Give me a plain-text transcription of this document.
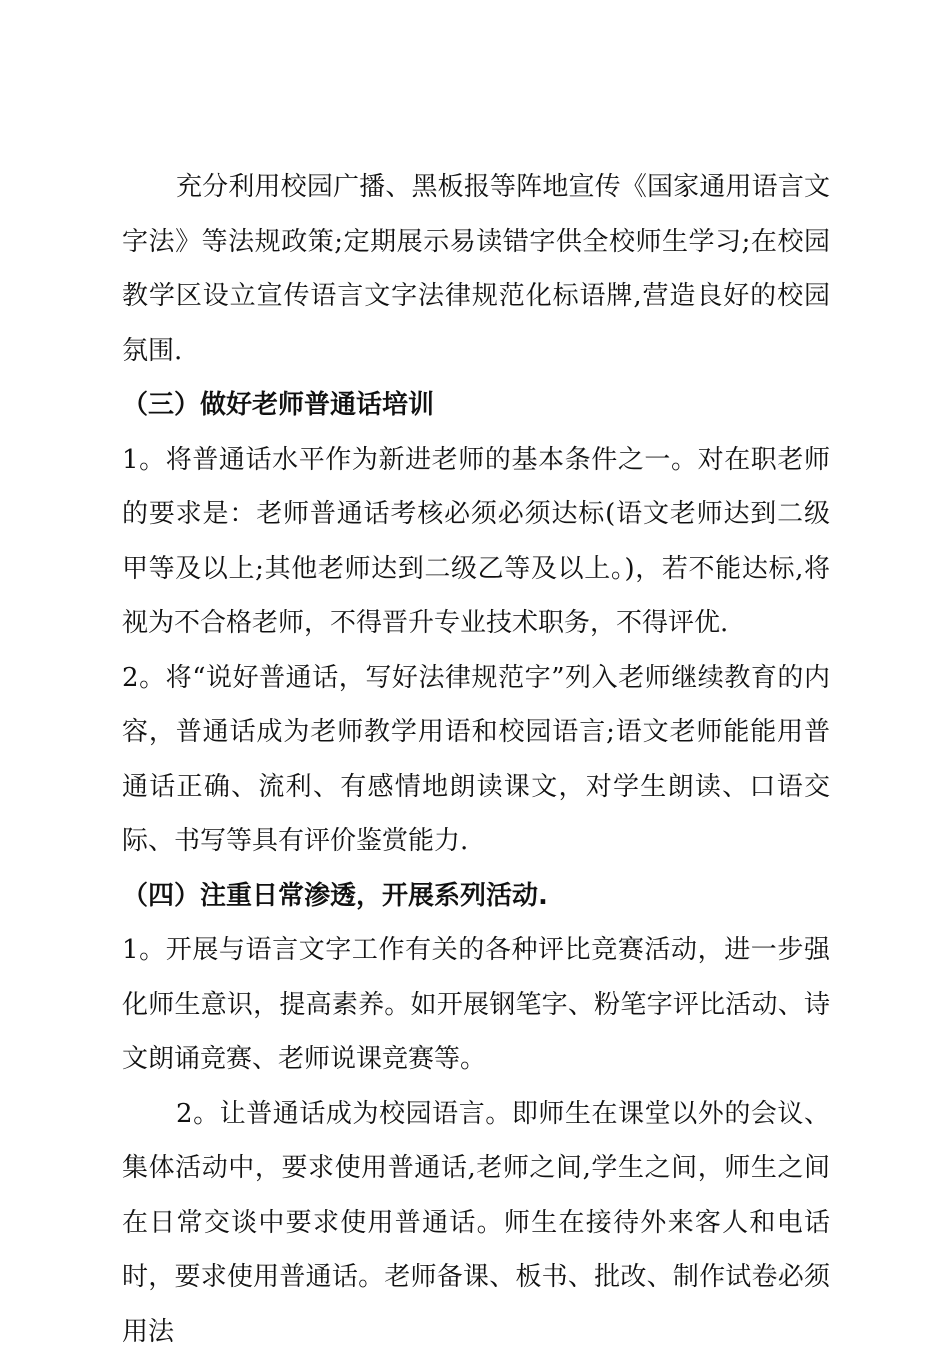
充分利用校园广播、黑板报等阵地宣传《国家通用语言文字法》等法规政策;定期展示易读错字供全校师生学习;在校园教学区设立宣传语言文字法律规范化标语牌,营造良好的校园氛围.

（三）做好老师普通话培训

1。将普通话水平作为新进老师的基本条件之一。对在职老师的要求是：老师普通话考核必须必须达标(语文老师达到二级甲等及以上;其他老师达到二级乙等及以上。)，若不能达标,将视为不合格老师，不得晋升专业技术职务，不得评优.

2。将“说好普通话，写好法律规范字”列入老师继续教育的内容，普通话成为老师教学用语和校园语言;语文老师能能用普通话正确、流利、有感情地朗读课文，对学生朗读、口语交际、书写等具有评价鉴赏能力.

（四）注重日常渗透，开展系列活动.

1。开展与语言文字工作有关的各种评比竞赛活动，进一步强化师生意识，提高素养。如开展钢笔字、粉笔字评比活动、诗文朗诵竞赛、老师说课竞赛等。

2。让普通话成为校园语言。即师生在课堂以外的会议、集体活动中，要求使用普通话,老师之间,学生之间，师生之间在日常交谈中要求使用普通话。师生在接待外来客人和电话时，要求使用普通话。老师备课、板书、批改、制作试卷必须用法
